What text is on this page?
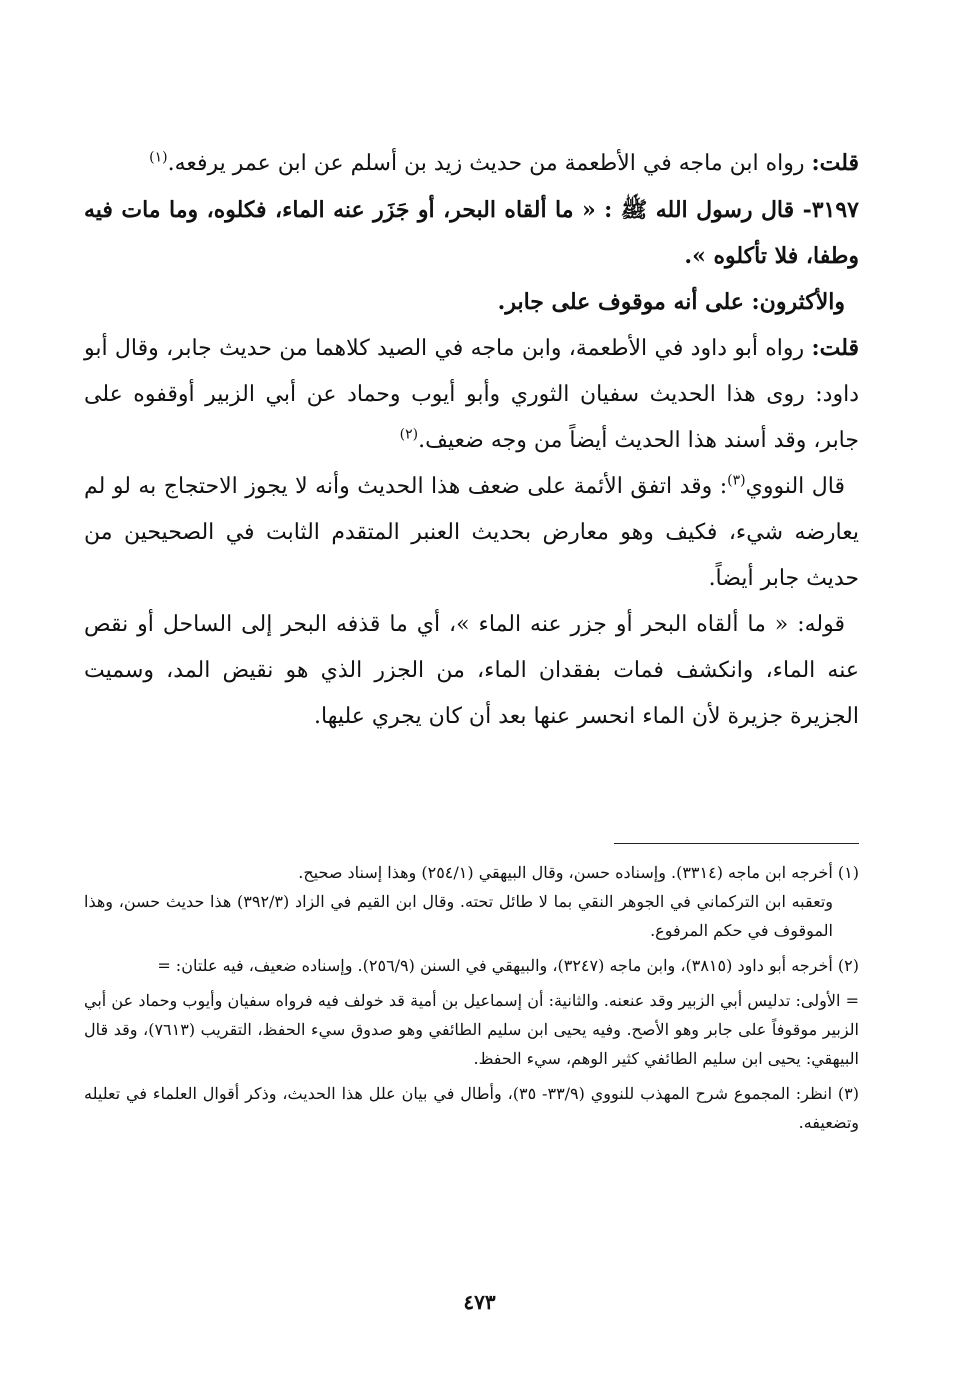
قلت: رواه ابن ماجه في الأطعمة من حديث زيد بن أسلم عن ابن عمر يرفعه.$^{(١)}$

٣١٩٧- قال رسول الله ﷺ : « ما ألقاه البحر، أو جَزَر عنه الماء، فكلوه، وما مات فيه وطفا، فلا تأكلوه ».

والأكثرون: على أنه موقوف على جابر.

قلت: رواه أبو داود في الأطعمة، وابن ماجه في الصيد كلاهما من حديث جابر، وقال أبو داود: روى هذا الحديث سفيان الثوري وأبو أيوب وحماد عن أبي الزبير أوقفوه على جابر، وقد أسند هذا الحديث أيضاً من وجه ضعيف.$^{(٢)}$

قال النووي$^{(٣)}$: وقد اتفق الأئمة على ضعف هذا الحديث وأنه لا يجوز الاحتجاج به لو لم يعارضه شيء، فكيف وهو معارض بحديث العنبر المتقدم الثابت في الصحيحين من حديث جابر أيضاً.

قوله: « ما ألقاه البحر أو جزر عنه الماء »، أي ما قذفه البحر إلى الساحل أو نقص عنه الماء، وانكشف فمات بفقدان الماء، من الجزر الذي هو نقيض المد، وسميت الجزيرة جزيرة لأن الماء انحسر عنها بعد أن كان يجري عليها.

(١) أخرجه ابن ماجه (٣٣١٤). وإسناده حسن، وقال البيهقي (٢٥٤/١) وهذا إسناد صحيح.

وتعقبه ابن التركماني في الجوهر النقي بما لا طائل تحته. وقال ابن القيم في الزاد (٣٩٢/٣) هذا حديث حسن، وهذا الموقوف في حكم المرفوع.

(٢) أخرجه أبو داود (٣٨١٥)، وابن ماجه (٣٢٤٧)، والبيهقي في السنن (٢٥٦/٩). وإسناده ضعيف، فيه علتان: =

= الأولى: تدليس أبي الزبير وقد عنعنه. والثانية: أن إسماعيل بن أمية قد خولف فيه فرواه سفيان وأيوب وحماد عن أبي الزبير موقوفاً على جابر وهو الأصح. وفيه يحيى ابن سليم الطائفي وهو صدوق سيء الحفظ، التقريب (٧٦١٣)، وقد قال البيهقي: يحيى ابن سليم الطائفي كثير الوهم، سيء الحفظ.

(٣) انظر: المجموع شرح المهذب للنووي (٣٣/٩- ٣٥)، وأطال في بيان علل هذا الحديث، وذكر أقوال العلماء في تعليله وتضعيفه.

٤٧٣
